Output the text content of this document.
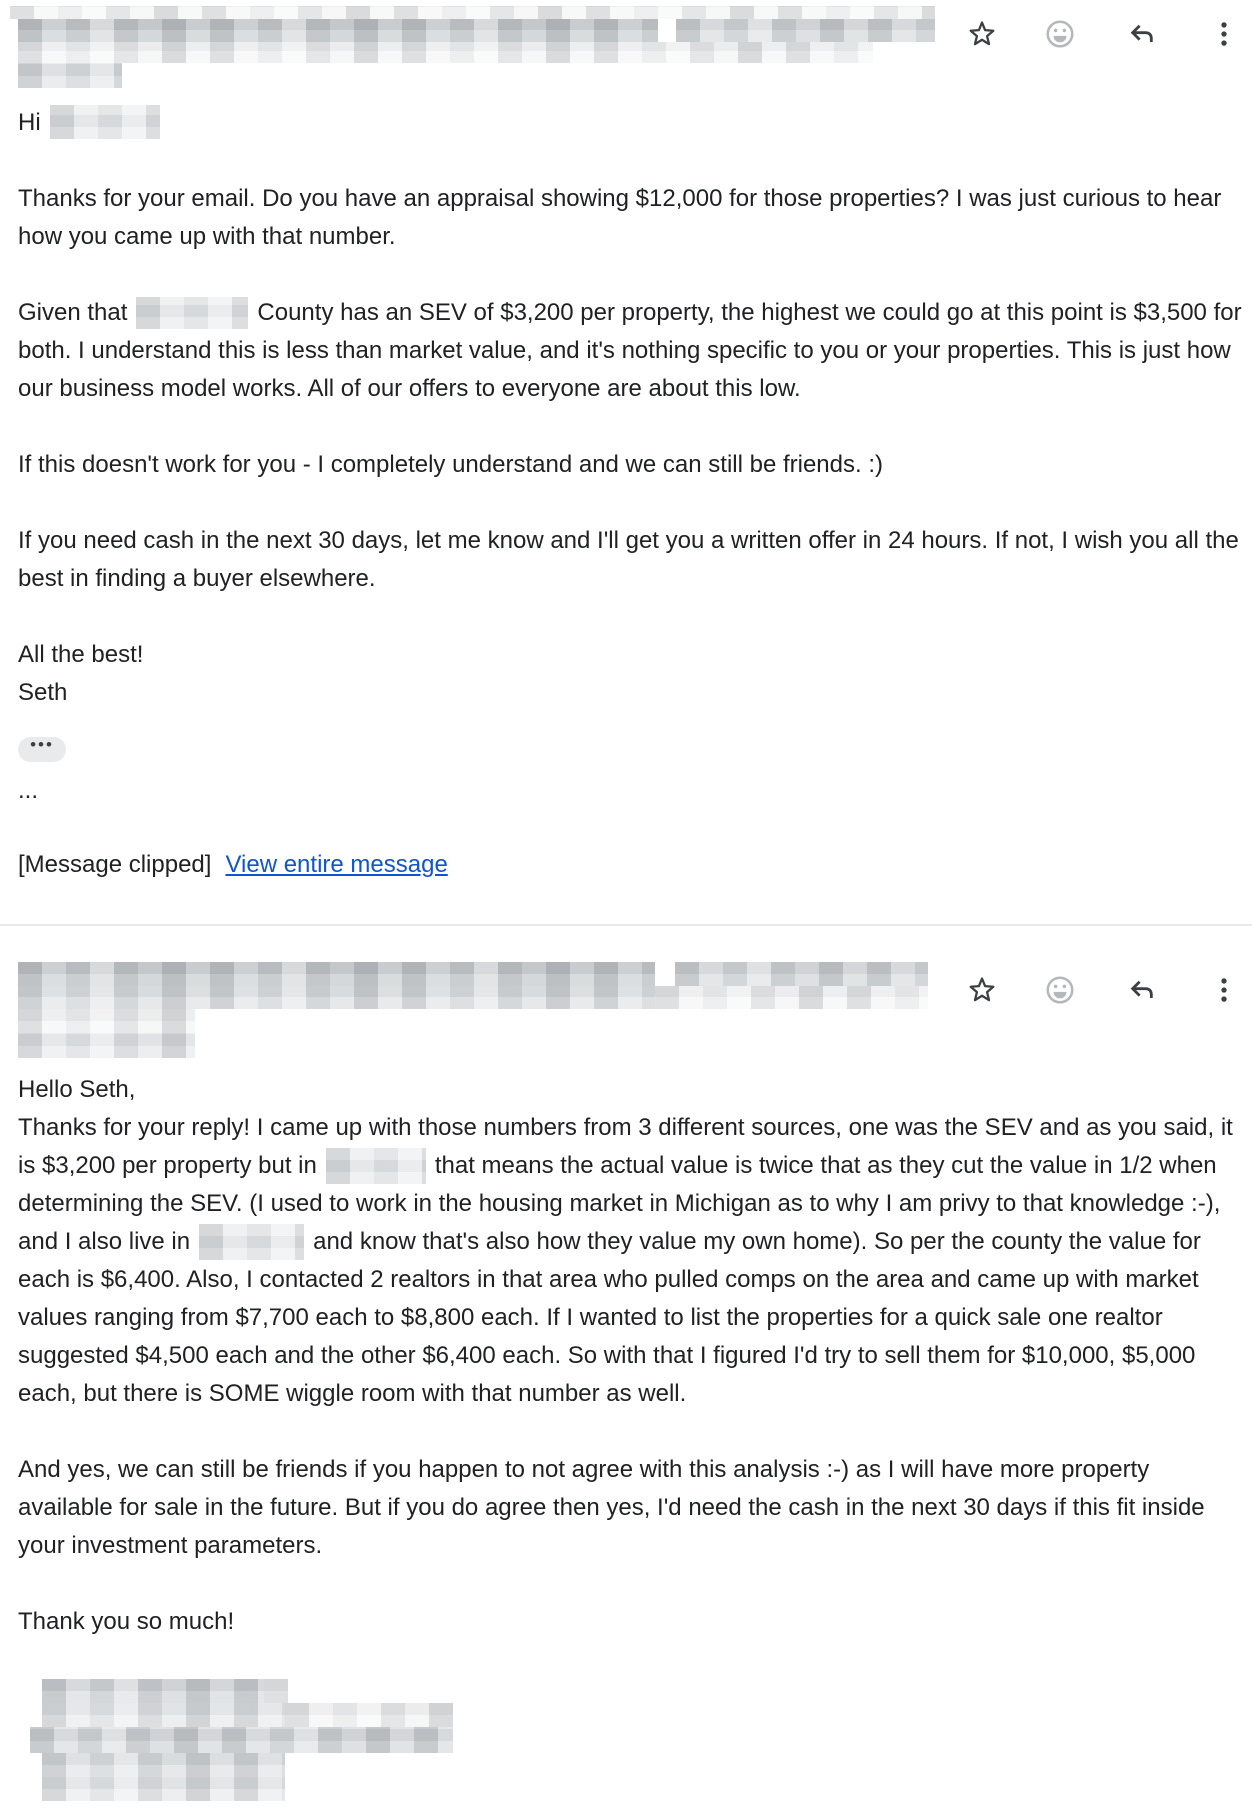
Hi
Thanks for your email. Do you have an appraisal showing $12,000 for those properties? I was just curious to hear how you came up with that number.
Given that	County has an SEV of $3,200 per property, the highest we could go at this point is $3,500 for both. I understand this is less than market value, and it's nothing specific to you or your properties. This is just how our business model works. All of our offers to everyone are about this low.
If this doesn't work for you - I completely understand and we can still be friends. :)
If you need cash in the next 30 days, let me know and I'll get you a written offer in 24 hours. If not, I wish you all the best in finding a buyer elsewhere.
All the best!
Seth
•••
...
[Message clipped] View entire message
Hello Seth,
Thanks for your reply! I came up with those numbers from 3 different sources, one was the SEV and as you said, it is $3,200 per property but in	that means the actual value is twice that as they cut the value in 1/2 when determining the SEV. (I used to work in the housing market in Michigan as to why I am privy to that knowledge :-), and I also live in	and know that's also how they value my own home). So per the county the value for each is $6,400. Also, I contacted 2 realtors in that area who pulled comps on the area and came up with market values ranging from $7,700 each to $8,800 each. If I wanted to list the properties for a quick sale one realtor suggested $4,500 each and the other $6,400 each. So with that I figured I'd try to sell them for $10,000, $5,000 each, but there is SOME wiggle room with that number as well.
And yes, we can still be friends if you happen to not agree with this analysis :-) as I will have more property available for sale in the future. But if you do agree then yes, I'd need the cash in the next 30 days if this fit inside your investment parameters.
Thank you so much!
